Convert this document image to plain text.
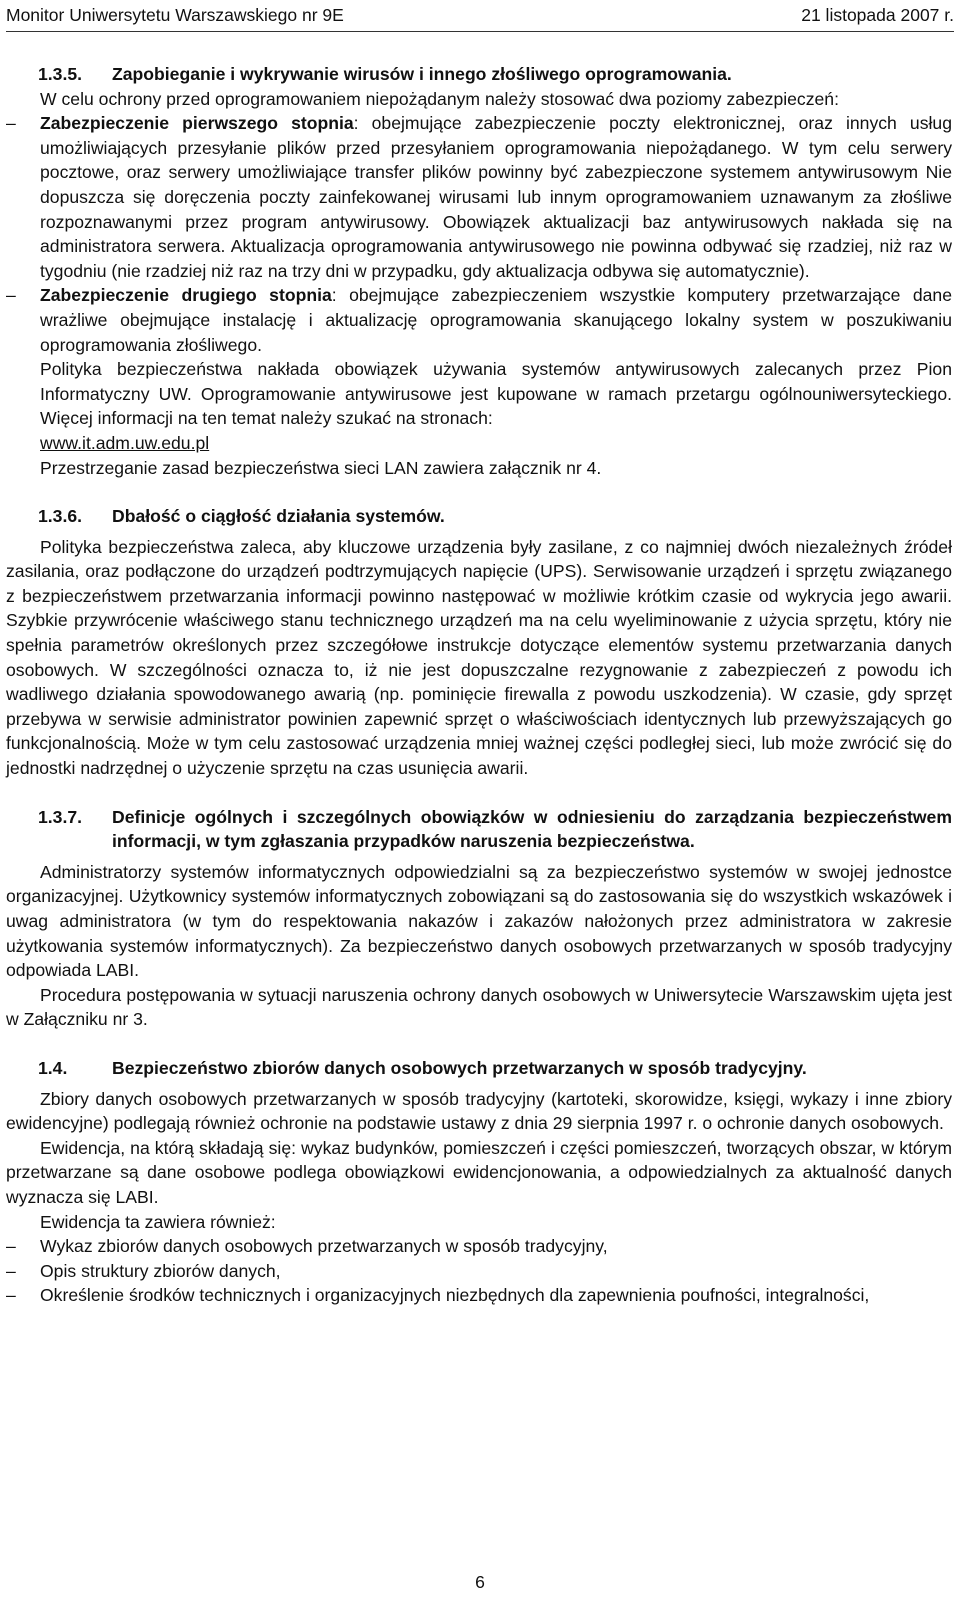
Monitor Uniwersytetu Warszawskiego nr 9E	21 listopada 2007 r.
1.3.5.	Zapobieganie i wykrywanie wirusów i innego złośliwego oprogramowania.

W celu ochrony przed oprogramowaniem niepożądanym należy stosować dwa poziomy zabezpieczeń:

–	Zabezpieczenie pierwszego stopnia: obejmujące zabezpieczenie poczty elektronicznej, oraz innych usług umożliwiających przesyłanie plików przed przesyłaniem oprogramowania niepożądanego. W tym celu serwery pocztowe, oraz serwery umożliwiające transfer plików powinny być zabezpieczone systemem antywirusowym Nie dopuszcza się doręczenia poczty zainfekowanej wirusami lub innym oprogramowaniem uznawanym za złośliwe rozpoznawanymi przez program antywirusowy. Obowiązek aktualizacji baz antywirusowych nakłada się na administratora serwera. Aktualizacja oprogramowania antywirusowego nie powinna odbywać się rzadziej, niż raz w tygodniu (nie rzadziej niż raz na trzy dni w przypadku, gdy aktualizacja odbywa się automatycznie).
–	Zabezpieczenie drugiego stopnia: obejmujące zabezpieczeniem wszystkie komputery przetwarzające dane wrażliwe obejmujące instalację i aktualizację oprogramowania skanującego lokalny system w poszukiwaniu oprogramowania złośliwego.

Polityka bezpieczeństwa nakłada obowiązek używania systemów antywirusowych zalecanych przez Pion Informatyczny UW. Oprogramowanie antywirusowe jest kupowane w ramach przetargu ogólnouniwersyteckiego. Więcej informacji na ten temat należy szukać na stronach:

www.it.adm.uw.edu.pl

Przestrzeganie zasad bezpieczeństwa sieci LAN zawiera załącznik nr 4.

1.3.6.	Dbałość o ciągłość działania systemów.

Polityka bezpieczeństwa zaleca, aby kluczowe urządzenia były zasilane, z co najmniej dwóch niezależnych źródeł zasilania, oraz podłączone do urządzeń podtrzymujących napięcie (UPS). Serwisowanie urządzeń i sprzętu związanego z bezpieczeństwem przetwarzania informacji powinno następować w możliwie krótkim czasie od wykrycia jego awarii. Szybkie przywrócenie właściwego stanu technicznego urządzeń ma na celu wyeliminowanie z użycia sprzętu, który nie spełnia parametrów określonych przez szczegółowe instrukcje dotyczące elementów systemu przetwarzania danych osobowych. W szczególności oznacza to, iż nie jest dopuszczalne rezygnowanie z zabezpieczeń z powodu ich wadliwego działania spowodowanego awarią (np. pominięcie firewalla z powodu uszkodzenia). W czasie, gdy sprzęt przebywa w serwisie administrator powinien zapewnić sprzęt o właściwościach identycznych lub przewyższających go funkcjonalnością. Może w tym celu zastosować urządzenia mniej ważnej części podległej sieci, lub może zwrócić się do jednostki nadrzędnej o użyczenie sprzętu na czas usunięcia awarii.

1.3.7.	Definicje ogólnych i szczególnych obowiązków w odniesieniu do zarządzania bezpieczeństwem informacji, w tym zgłaszania przypadków naruszenia bezpieczeństwa.

Administratorzy systemów informatycznych odpowiedzialni są za bezpieczeństwo systemów w swojej jednostce organizacyjnej. Użytkownicy systemów informatycznych zobowiązani są do zastosowania się do wszystkich wskazówek i uwag administratora (w tym do respektowania nakazów i zakazów nałożonych przez administratora w zakresie użytkowania systemów informatycznych). Za bezpieczeństwo danych osobowych przetwarzanych w sposób tradycyjny odpowiada LABI.

Procedura postępowania w sytuacji naruszenia ochrony danych osobowych w Uniwersytecie Warszawskim ujęta jest w Załączniku nr 3.

1.4.	Bezpieczeństwo zbiorów danych osobowych przetwarzanych w sposób tradycyjny.

Zbiory danych osobowych przetwarzanych w sposób tradycyjny (kartoteki, skorowidze, księgi, wykazy i inne zbiory ewidencyjne) podlegają również ochronie na podstawie ustawy z dnia 29 sierpnia 1997 r. o ochronie danych osobowych.

Ewidencja, na którą składają się: wykaz budynków, pomieszczeń i części pomieszczeń, tworzących obszar, w którym przetwarzane są dane osobowe podlega obowiązkowi ewidencjonowania, a odpowiedzialnych za aktualność danych wyznacza się LABI.

Ewidencja ta zawiera również:

–	Wykaz zbiorów danych osobowych przetwarzanych w sposób tradycyjny,
–	Opis struktury zbiorów danych,
–	Określenie środków technicznych i organizacyjnych niezbędnych dla zapewnienia poufności, integralności,
6
